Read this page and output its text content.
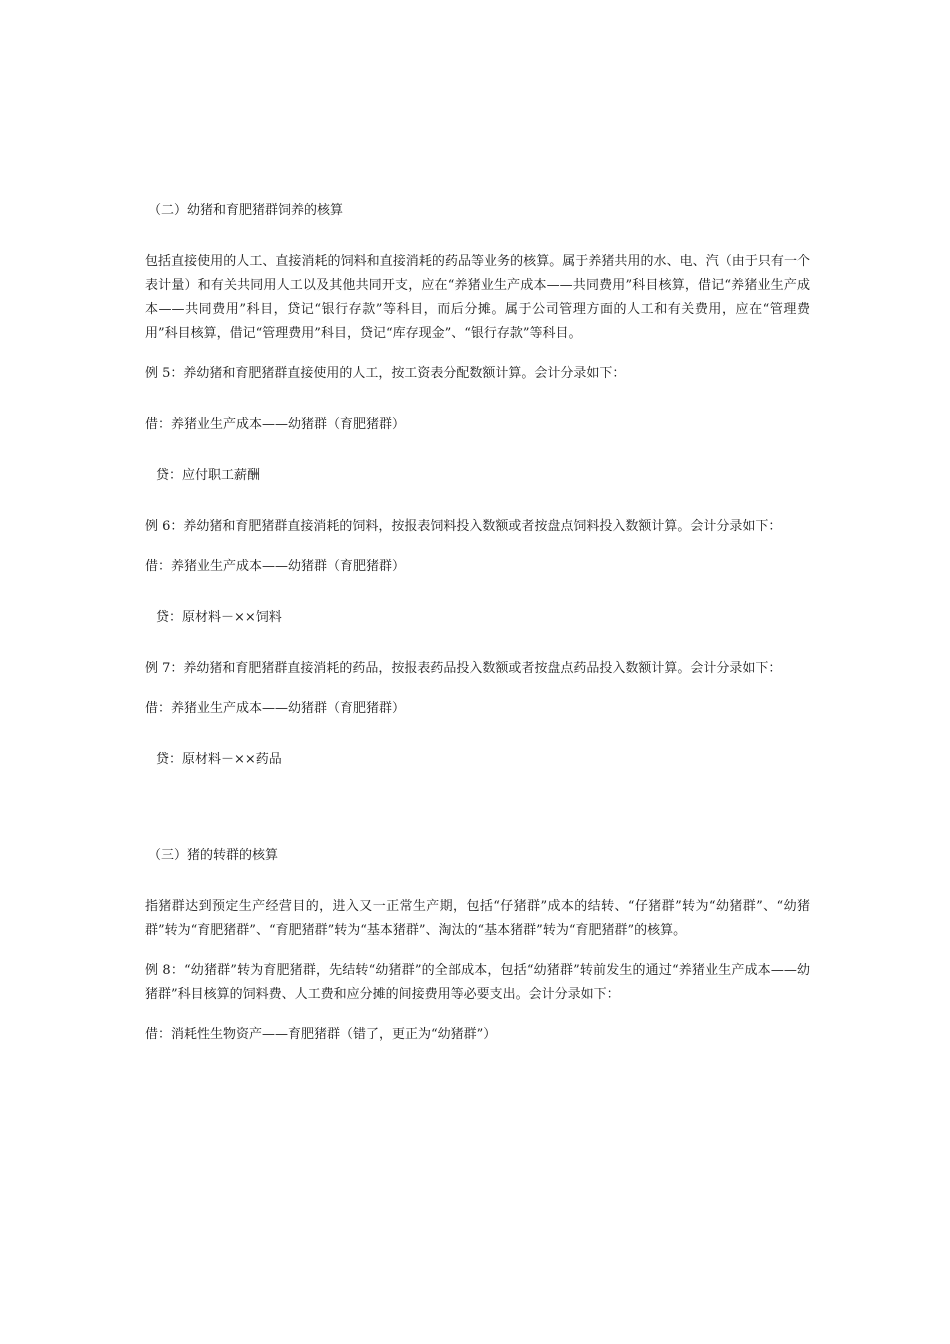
（二）幼猪和育肥猪群饲养的核算

包括直接使用的人工、直接消耗的饲料和直接消耗的药品等业务的核算。属于养猪共用的水、电、汽（由于只有一个表计量）和有关共同用人工以及其他共同开支，应在“养猪业生产成本——共同费用”科目核算，借记“养猪业生产成本——共同费用”科目，贷记“银行存款”等科目，而后分摊。属于公司管理方面的人工和有关费用，应在“管理费用”科目核算，借记“管理费用”科目，贷记“库存现金”、“银行存款”等科目。

例 5：养幼猪和育肥猪群直接使用的人工，按工资表分配数额计算。会计分录如下：

借：养猪业生产成本——幼猪群（育肥猪群）

贷：应付职工薪酬

例 6：养幼猪和育肥猪群直接消耗的饲料，按报表饲料投入数额或者按盘点饲料投入数额计算。会计分录如下：

借：养猪业生产成本——幼猪群（育肥猪群）

贷：原材料－××饲料

例 7：养幼猪和育肥猪群直接消耗的药品，按报表药品投入数额或者按盘点药品投入数额计算。会计分录如下：

借：养猪业生产成本——幼猪群（育肥猪群）

贷：原材料－××药品

（三）猪的转群的核算

指猪群达到预定生产经营目的，进入又一正常生产期，包括“仔猪群”成本的结转、“仔猪群”转为“幼猪群”、“幼猪群”转为“育肥猪群”、“育肥猪群”转为“基本猪群”、淘汰的“基本猪群”转为“育肥猪群”的核算。

例 8：“幼猪群”转为育肥猪群，先结转“幼猪群”的全部成本，包括“幼猪群”转前发生的通过“养猪业生产成本——幼猪群”科目核算的饲料费、人工费和应分摊的间接费用等必要支出。会计分录如下：

借：消耗性生物资产——育肥猪群（错了，更正为“幼猪群”）
